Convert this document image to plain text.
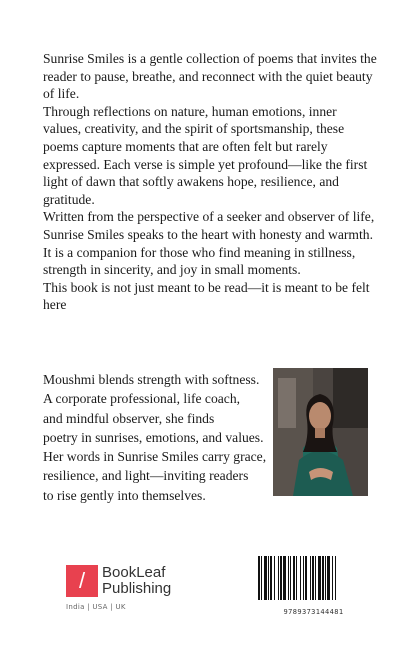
Sunrise Smiles is a gentle collection of poems that invites the reader to pause, breathe, and reconnect with the quiet beauty of life.

Through reflections on nature, human emotions, inner values, creativity, and the spirit of sportsmanship, these poems capture moments that are often felt but rarely expressed. Each verse is simple yet profound—like the first light of dawn that softly awakens hope, resilience, and gratitude.

Written from the perspective of a seeker and observer of life, Sunrise Smiles speaks to the heart with honesty and warmth. It is a companion for those who find meaning in stillness, strength in sincerity, and joy in small moments.

This book is not just meant to be read—it is meant to be felt here

Moushmi blends strength with softness.
A corporate professional, life coach,
and mindful observer, she finds
poetry in sunrises, emotions, and values.
Her words in Sunrise Smiles carry grace,
resilience, and light—inviting readers
to rise gently into themselves.
/	BookLeaf
Publishing
India | USA | UK
9789373144481
